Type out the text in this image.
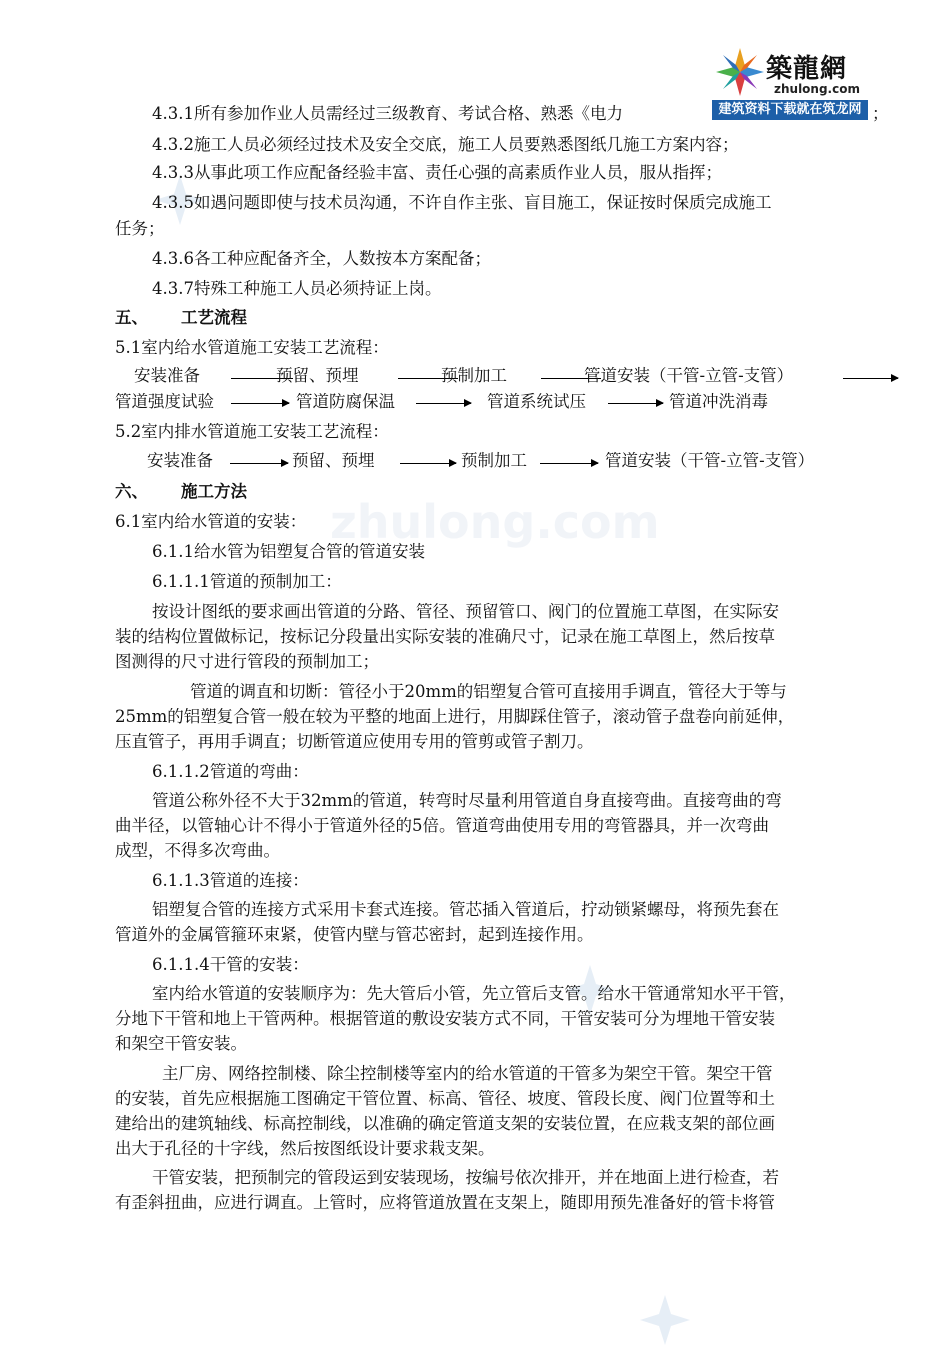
zhulong.com
築龍網
zhulong.com
建筑资料下载就在筑龙网
4.3.1所有参加作业人员需经过三级教育、考试合格、熟悉《电力	；
4.3.2施工人员必须经过技术及安全交底，施工人员要熟悉图纸几施工方案内容；
4.3.3从事此项工作应配备经验丰富、责任心强的高素质作业人员，服从指挥；
4.3.5如遇问题即使与技术员沟通，不许自作主张、盲目施工，保证按时保质完成施工
任务；
4.3.6各工种应配备齐全，人数按本方案配备；
4.3.7特殊工种施工人员必须持证上岗。
五、 工艺流程
5.1室内给水管道施工安装工艺流程：
安装准备	预留、预埋	预制加工	管道安装（干管-立管-支管）
管道强度试验	管道防腐保温	管道系统试压	管道冲洗消毒
5.2室内排水管道施工安装工艺流程：
安装准备	预留、预埋	预制加工	管道安装（干管-立管-支管）
六、 施工方法
6.1室内给水管道的安装：
6.1.1给水管为铝塑复合管的管道安装
6.1.1.1管道的预制加工：
按设计图纸的要求画出管道的分路、管径、预留管口、阀门的位置施工草图，在实际安
装的结构位置做标记，按标记分段量出实际安装的准确尺寸，记录在施工草图上，然后按草
图测得的尺寸进行管段的预制加工；
管道的调直和切断：管径小于20mm的铝塑复合管可直接用手调直，管径大于等与
25mm的铝塑复合管一般在较为平整的地面上进行，用脚踩住管子，滚动管子盘卷向前延伸，
压直管子，再用手调直；切断管道应使用专用的管剪或管子割刀。
6.1.1.2管道的弯曲：
管道公称外径不大于32mm的管道，转弯时尽量利用管道自身直接弯曲。直接弯曲的弯
曲半径，以管轴心计不得小于管道外径的5倍。管道弯曲使用专用的弯管器具，并一次弯曲
成型，不得多次弯曲。
6.1.1.3管道的连接：
铝塑复合管的连接方式采用卡套式连接。管芯插入管道后，拧动锁紧螺母，将预先套在
管道外的金属管箍环束紧，使管内壁与管芯密封，起到连接作用。
6.1.1.4干管的安装：
室内给水管道的安装顺序为：先大管后小管，先立管后支管。给水干管通常知水平干管，
分地下干管和地上干管两种。根据管道的敷设安装方式不同，干管安装可分为埋地干管安装
和架空干管安装。
主厂房、网络控制楼、除尘控制楼等室内的给水管道的干管多为架空干管。架空干管
的安装，首先应根据施工图确定干管位置、标高、管径、坡度、管段长度、阀门位置等和土
建给出的建筑轴线、标高控制线，以准确的确定管道支架的安装位置，在应栽支架的部位画
出大于孔径的十字线，然后按图纸设计要求栽支架。
干管安装，把预制完的管段运到安装现场，按编号依次排开，并在地面上进行检查，若
有歪斜扭曲，应进行调直。上管时，应将管道放置在支架上，随即用预先准备好的管卡将管
